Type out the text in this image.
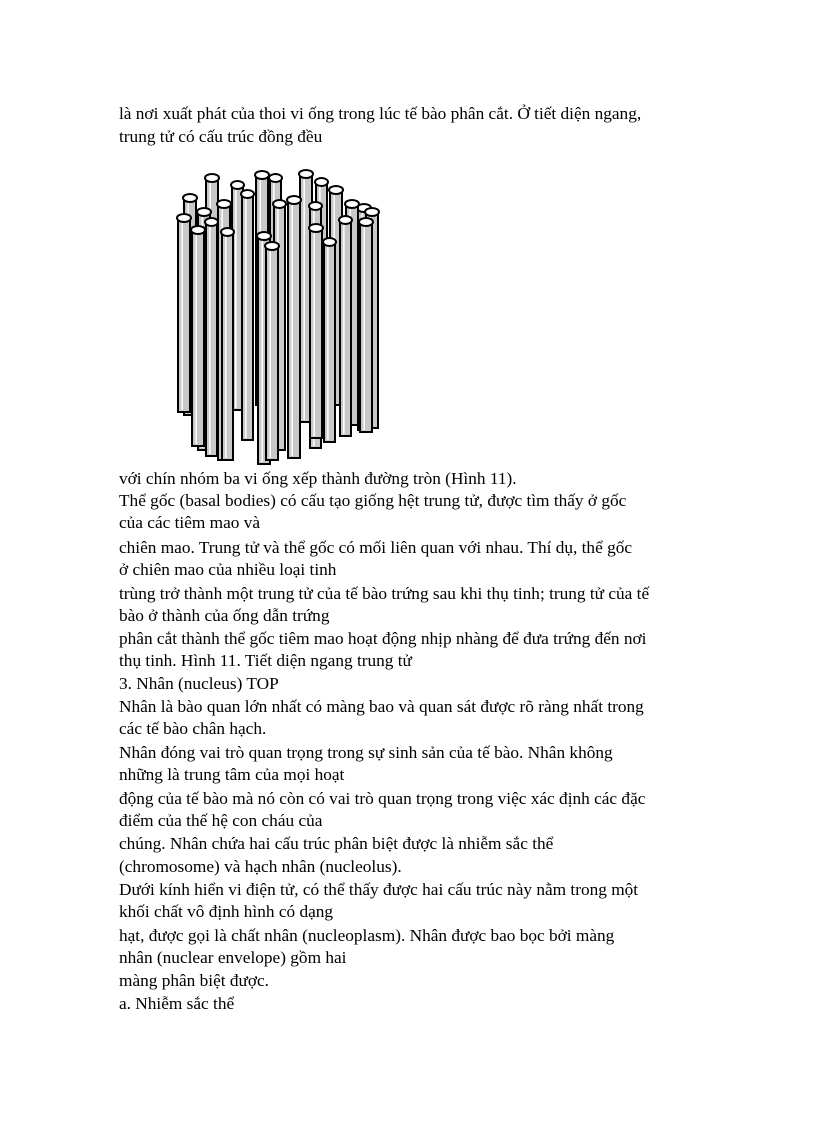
là nơi xuất phát của thoi vi ống trong lúc tế bào phân cắt. Ở tiết diện ngang,
trung tử có cấu trúc đồng đều
với chín nhóm ba vi ống xếp thành đường tròn (Hình 11).
Thể gốc (basal bodies) có cấu tạo giống hệt trung tử, được tìm thấy ở gốc
của các tiêm mao và
chiên mao. Trung tử và thể gốc có mối liên quan với nhau. Thí dụ, thể gốc
ở chiên mao của nhiều loại tinh
trùng trở thành một trung tử của tế bào trứng sau khi thụ tinh; trung tử của tế
bào ở thành của ống dẫn trứng
phân cắt thành thể gốc tiêm mao hoạt động nhịp nhàng để đưa trứng đến nơi
thụ tinh. Hình 11. Tiết diện ngang trung tử
3. Nhân (nucleus) TOP
Nhân là bào quan lớn nhất có màng bao và quan sát được rõ ràng nhất trong
các tế bào chân hạch.
Nhân đóng vai trò quan trọng trong sự sinh sản của tế bào. Nhân không
những là trung tâm của mọi hoạt
động của tế bào mà nó còn có vai trò quan trọng trong việc xác định các đặc
điểm của thế hệ con cháu của
chúng. Nhân chứa hai cấu trúc phân biệt được là nhiễm sắc thể
(chromosome) và hạch nhân (nucleolus).
Dưới kính hiển vi điện tử, có thể thấy được hai cấu trúc này nằm trong một
khối chất vô định hình có dạng
hạt, được gọi là chất nhân (nucleoplasm). Nhân được bao bọc bởi màng
nhân (nuclear envelope) gồm hai
màng phân biệt được.
a. Nhiễm sắc thể
